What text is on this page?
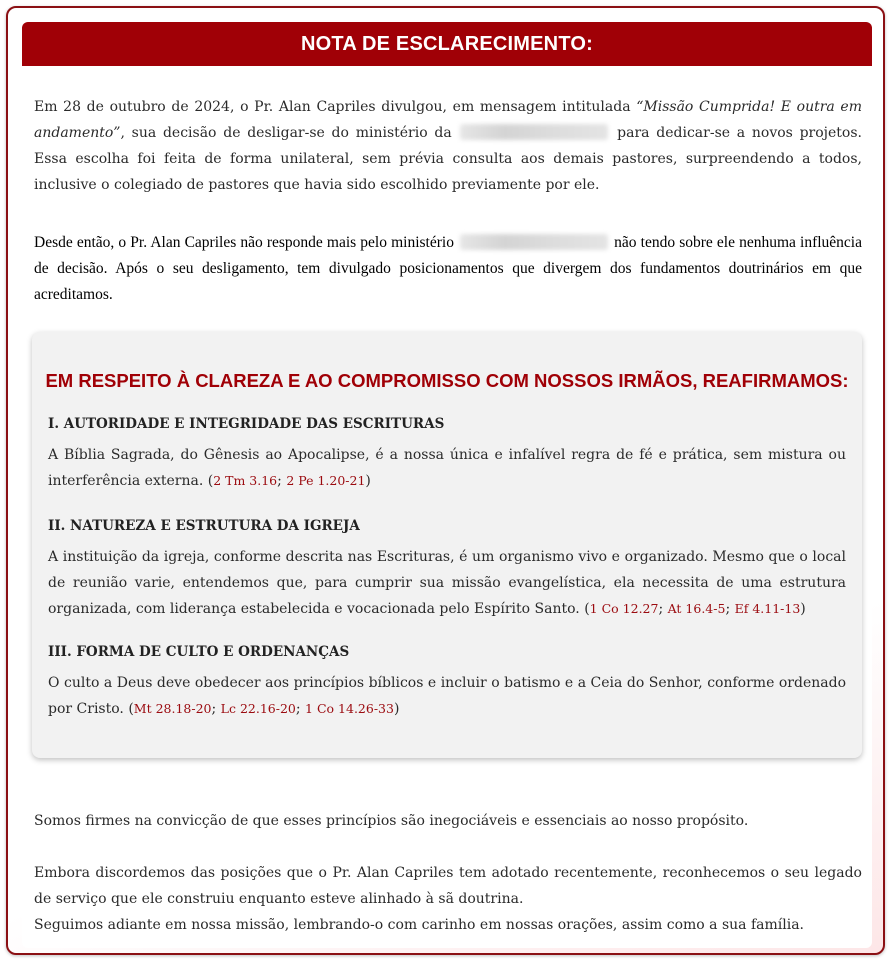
NOTA DE ESCLARECIMENTO:

Em 28 de outubro de 2024, o Pr. Alan Capriles divulgou, em mensagem intitulada “Missão Cumprida! E outra em andamento”, sua decisão de desligar-se do ministério da	para dedicar-se a novos projetos. Essa escolha foi feita de forma unilateral, sem prévia consulta aos demais pastores, surpreendendo a todos, inclusive o colegiado de pastores que havia sido escolhido previamente por ele.

Desde então, o Pr. Alan Capriles não responde mais pelo ministério	não tendo sobre ele nenhuma influência de decisão. Após o seu desligamento, tem divulgado posicionamentos que divergem dos fundamentos doutrinários em que acreditamos.

EM RESPEITO À CLAREZA E AO COMPROMISSO COM NOSSOS IRMÃOS, REAFIRMAMOS:
I. AUTORIDADE E INTEGRIDADE DAS ESCRITURAS

A Bíblia Sagrada, do Gênesis ao Apocalipse, é a nossa única e infalível regra de fé e prática, sem mistura ou interferência externa. (2 Tm 3.16; 2 Pe 1.20-21)

II. NATUREZA E ESTRUTURA DA IGREJA

A instituição da igreja, conforme descrita nas Escrituras, é um organismo vivo e organizado. Mesmo que o local de reunião varie, entendemos que, para cumprir sua missão evangelística, ela necessita de uma estrutura organizada, com liderança estabelecida e vocacionada pelo Espírito Santo. (1 Co 12.27; At 16.4-5; Ef 4.11-13)

III. FORMA DE CULTO E ORDENANÇAS

O culto a Deus deve obedecer aos princípios bíblicos e incluir o batismo e a Ceia do Senhor, conforme ordenado por Cristo. (Mt 28.18-20; Lc 22.16-20; 1 Co 14.26-33)

Somos firmes na convicção de que esses princípios são inegociáveis e essenciais ao nosso propósito.

Embora discordemos das posições que o Pr. Alan Capriles tem adotado recentemente, reconhecemos o seu legado de serviço que ele construiu enquanto esteve alinhado à sã doutrina.
Seguimos adiante em nossa missão, lembrando-o com carinho em nossas orações, assim como a sua família.
